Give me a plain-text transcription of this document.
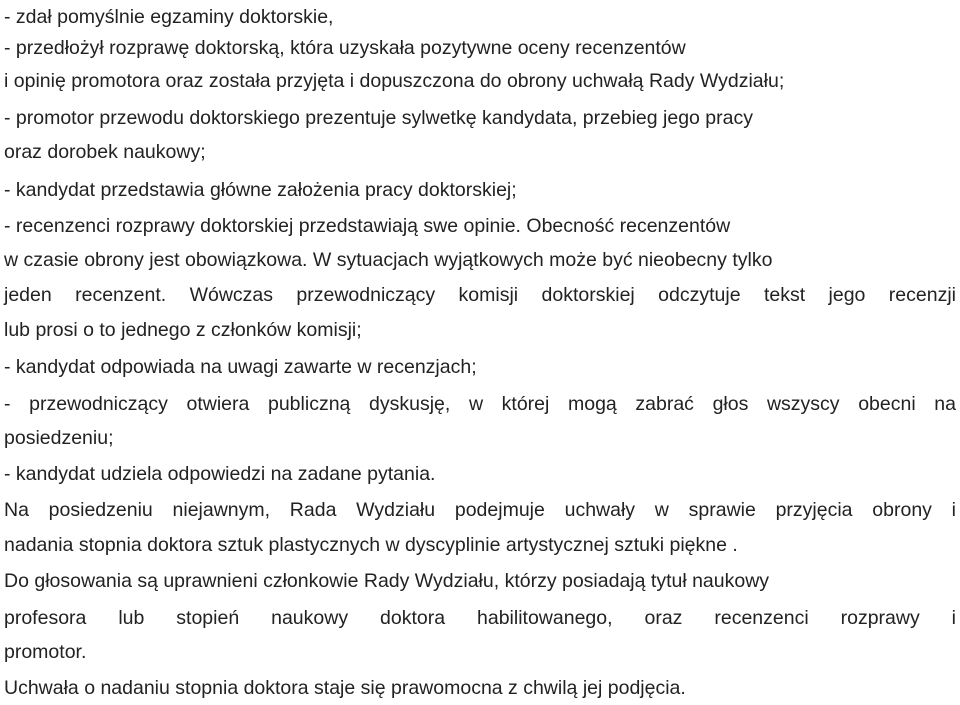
- zdał pomyślnie egzaminy doktorskie,
- przedłożył rozprawę doktorską, która uzyskała pozytywne oceny recenzentów
i opinię promotora oraz została przyjęta i dopuszczona do obrony uchwałą Rady Wydziału;
- promotor przewodu doktorskiego prezentuje sylwetkę kandydata, przebieg jego pracy
oraz dorobek naukowy;
- kandydat przedstawia główne założenia pracy doktorskiej;
- recenzenci rozprawy doktorskiej przedstawiają swe opinie. Obecność recenzentów
w czasie obrony jest obowiązkowa. W sytuacjach wyjątkowych może być nieobecny tylko
jeden recenzent. Wówczas przewodniczący komisji doktorskiej odczytuje tekst jego recenzji
lub prosi o to jednego z członków komisji;
- kandydat odpowiada na uwagi zawarte w recenzjach;
- przewodniczący otwiera publiczną dyskusję, w której mogą zabrać głos wszyscy obecni na
posiedzeniu;
- kandydat udziela odpowiedzi na zadane pytania.
Na posiedzeniu niejawnym, Rada Wydziału podejmuje uchwały w sprawie przyjęcia obrony i
nadania stopnia doktora sztuk plastycznych w dyscyplinie artystycznej sztuki piękne .
Do głosowania są uprawnieni członkowie Rady Wydziału, którzy posiadają tytuł naukowy
profesora lub stopień naukowy doktora habilitowanego, oraz recenzenci rozprawy i
promotor.
Uchwała o nadaniu stopnia doktora staje się prawomocna z chwilą jej podjęcia.
